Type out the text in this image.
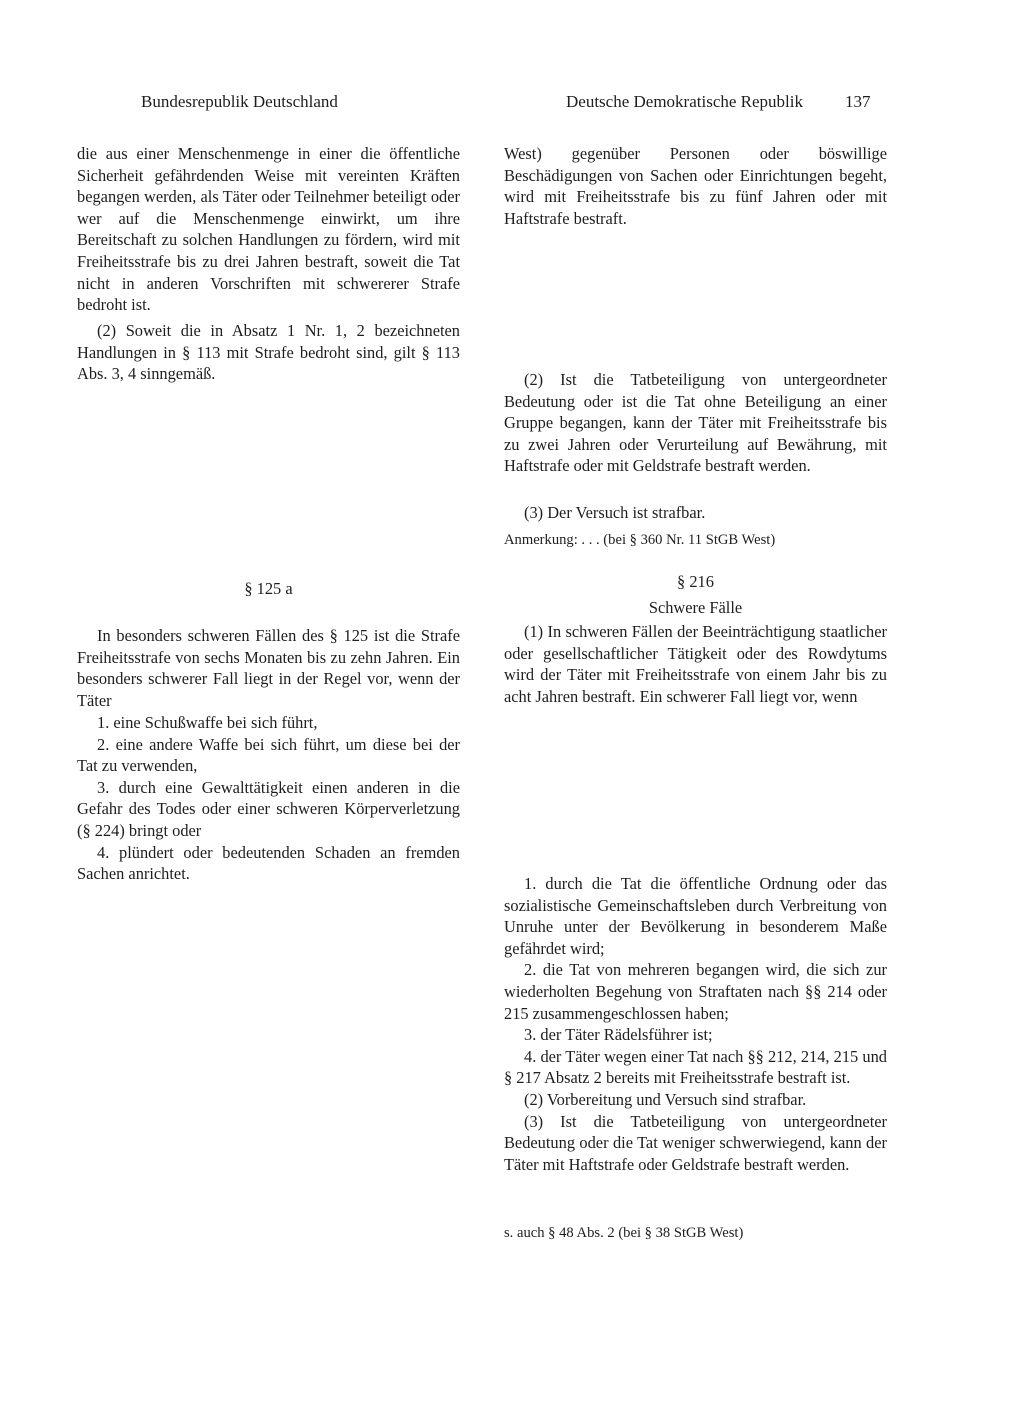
Bundesrepublik Deutschland	Deutsche Demokratische Republik 137

die aus einer Menschenmenge in einer die öffentliche Sicherheit gefährdenden Weise mit vereinten Kräften begangen werden, als Täter oder Teilnehmer beteiligt oder wer auf die Menschenmenge einwirkt, um ihre Bereitschaft zu solchen Handlungen zu fördern, wird mit Freiheitsstrafe bis zu drei Jahren bestraft, soweit die Tat nicht in anderen Vorschriften mit schwererer Strafe bedroht ist.

(2) Soweit die in Absatz 1 Nr. 1, 2 bezeichneten Handlungen in § 113 mit Strafe bedroht sind, gilt § 113 Abs. 3, 4 sinngemäß.

§ 125 a

In besonders schweren Fällen des § 125 ist die Strafe Freiheitsstrafe von sechs Monaten bis zu zehn Jahren. Ein besonders schwerer Fall liegt in der Regel vor, wenn der Täter

1. eine Schußwaffe bei sich führt,

2. eine andere Waffe bei sich führt, um diese bei der Tat zu verwenden,

3. durch eine Gewalttätigkeit einen anderen in die Gefahr des Todes oder einer schweren Körperverletzung (§ 224) bringt oder

4. plündert oder bedeutenden Schaden an fremden Sachen anrichtet.

West) gegenüber Personen oder böswillige Beschädigungen von Sachen oder Einrichtungen begeht, wird mit Freiheitsstrafe bis zu fünf Jahren oder mit Haftstrafe bestraft.

(2) Ist die Tatbeteiligung von untergeordneter Bedeutung oder ist die Tat ohne Beteiligung an einer Gruppe begangen, kann der Täter mit Freiheitsstrafe bis zu zwei Jahren oder Verurteilung auf Bewährung, mit Haftstrafe oder mit Geldstrafe bestraft werden.

(3) Der Versuch ist strafbar.

Anmerkung: . . . (bei § 360 Nr. 11 StGB West)

§ 216
Schwere Fälle

(1) In schweren Fällen der Beeinträchtigung staatlicher oder gesellschaftlicher Tätigkeit oder des Rowdytums wird der Täter mit Freiheitsstrafe von einem Jahr bis zu acht Jahren bestraft. Ein schwerer Fall liegt vor, wenn

1. durch die Tat die öffentliche Ordnung oder das sozialistische Gemeinschaftsleben durch Verbreitung von Unruhe unter der Bevölkerung in besonderem Maße gefährdet wird;

2. die Tat von mehreren begangen wird, die sich zur wiederholten Begehung von Straftaten nach §§ 214 oder 215 zusammengeschlossen haben;

3. der Täter Rädelsführer ist;

4. der Täter wegen einer Tat nach §§ 212, 214, 215 und § 217 Absatz 2 bereits mit Freiheitsstrafe bestraft ist.

(2) Vorbereitung und Versuch sind strafbar.

(3) Ist die Tatbeteiligung von untergeordneter Bedeutung oder die Tat weniger schwerwiegend, kann der Täter mit Haftstrafe oder Geldstrafe bestraft werden.

s. auch § 48 Abs. 2 (bei § 38 StGB West)
